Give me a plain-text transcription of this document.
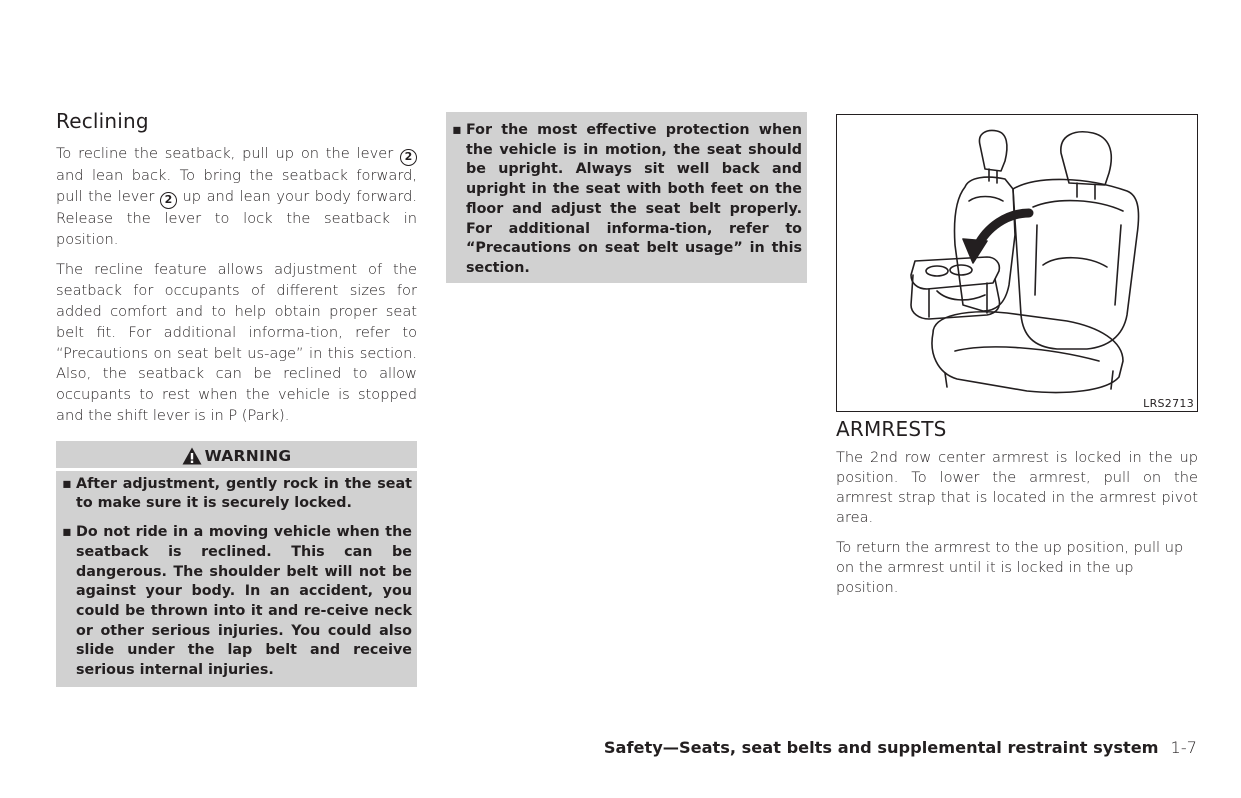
Reclining

To recline the seatback, pull up on the lever 2 and lean back. To bring the seatback forward, pull the lever 2 up and lean your body forward. Release the lever to lock the seatback in position.

The recline feature allows adjustment of the seatback for occupants of different sizes for added comfort and to help obtain proper seat belt fit. For additional informa-tion, refer to “Precautions on seat belt us-age” in this section. Also, the seatback can be reclined to allow occupants to rest when the vehicle is stopped and the shift lever is in P (Park).

WARNING
▪ After adjustment, gently rock in the seat to make sure it is securely locked.
▪ Do not ride in a moving vehicle when the seatback is reclined. This can be dangerous. The shoulder belt will not be against your body. In an accident, you could be thrown into it and re-ceive neck or other serious injuries. You could also slide under the lap belt and receive serious internal injuries.
▪ For the most effective protection when the vehicle is in motion, the seat should be upright. Always sit well back and upright in the seat with both feet on the floor and adjust the seat belt properly. For additional informa-tion, refer to “Precautions on seat belt usage” in this section.
LRS2713
ARMRESTS

The 2nd row center armrest is locked in the up position. To lower the armrest, pull on the armrest strap that is located in the armrest pivot area.

To return the armrest to the up position, pull up on the armrest until it is locked in the up position.

Safety—Seats, seat belts and supplemental restraint system 1-7
